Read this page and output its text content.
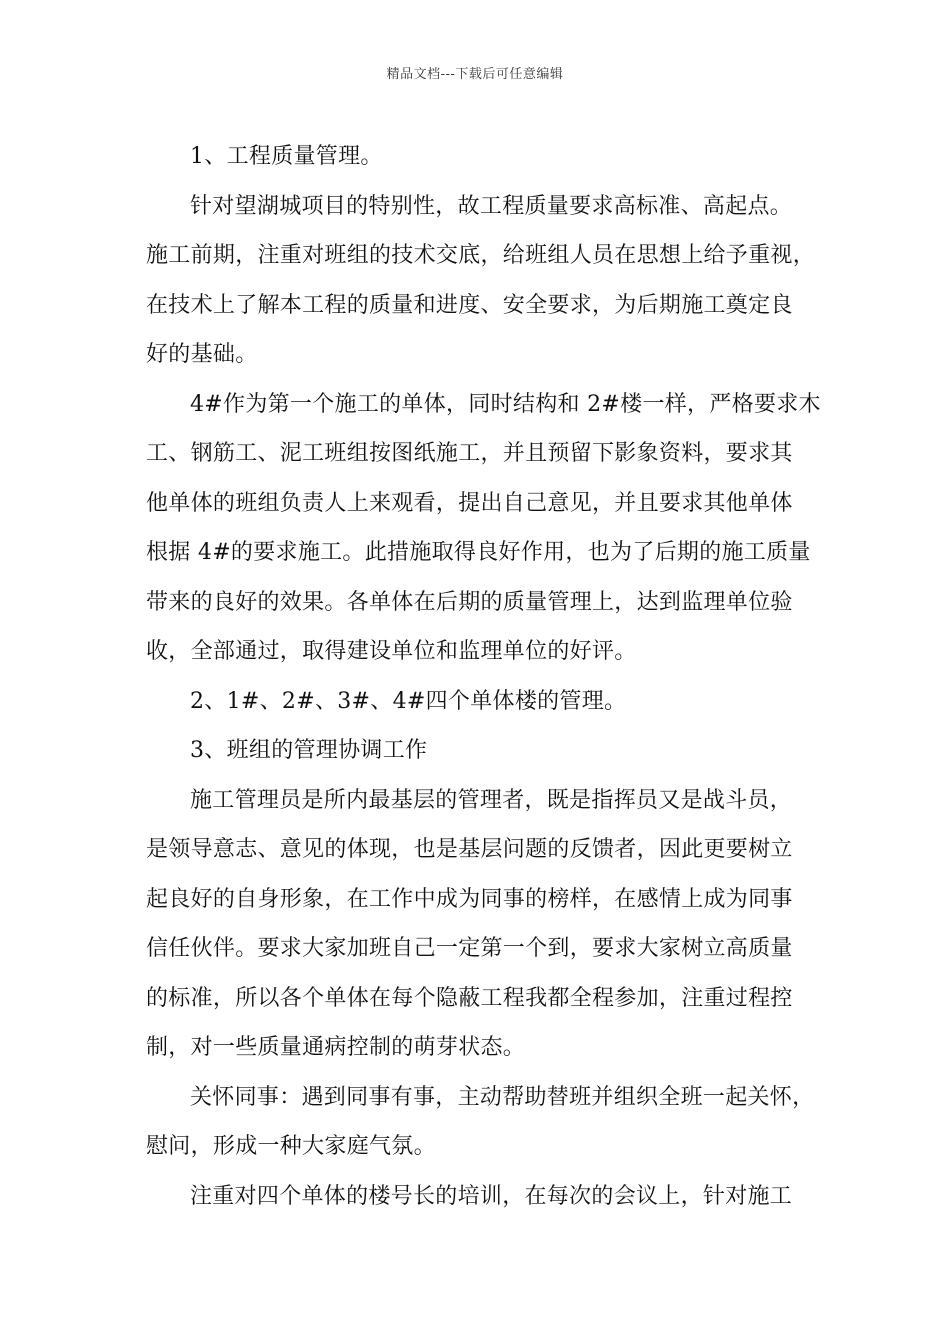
精品文档---下载后可任意编辑
1、工程质量管理。
针对望湖城项目的特别性，故工程质量要求高标准、高起点。
施工前期，注重对班组的技术交底，给班组人员在思想上给予重视，
在技术上了解本工程的质量和进度、安全要求，为后期施工奠定良
好的基础。
4#作为第一个施工的单体，同时结构和 2#楼一样，严格要求木
工、钢筋工、泥工班组按图纸施工，并且预留下影象资料，要求其
他单体的班组负责人上来观看，提出自己意见，并且要求其他单体
根据 4#的要求施工。此措施取得良好作用，也为了后期的施工质量
带来的良好的效果。各单体在后期的质量管理上，达到监理单位验
收，全部通过，取得建设单位和监理单位的好评。
2、1#、2#、3#、4#四个单体楼的管理。
3、班组的管理协调工作
施工管理员是所内最基层的管理者，既是指挥员又是战斗员，
是领导意志、意见的体现，也是基层问题的反馈者，因此更要树立
起良好的自身形象，在工作中成为同事的榜样，在感情上成为同事
信任伙伴。要求大家加班自己一定第一个到，要求大家树立高质量
的标准，所以各个单体在每个隐蔽工程我都全程参加，注重过程控
制，对一些质量通病控制的萌芽状态。
关怀同事：遇到同事有事，主动帮助替班并组织全班一起关怀，
慰问，形成一种大家庭气氛。
注重对四个单体的楼号长的培训，在每次的会议上，针对施工
